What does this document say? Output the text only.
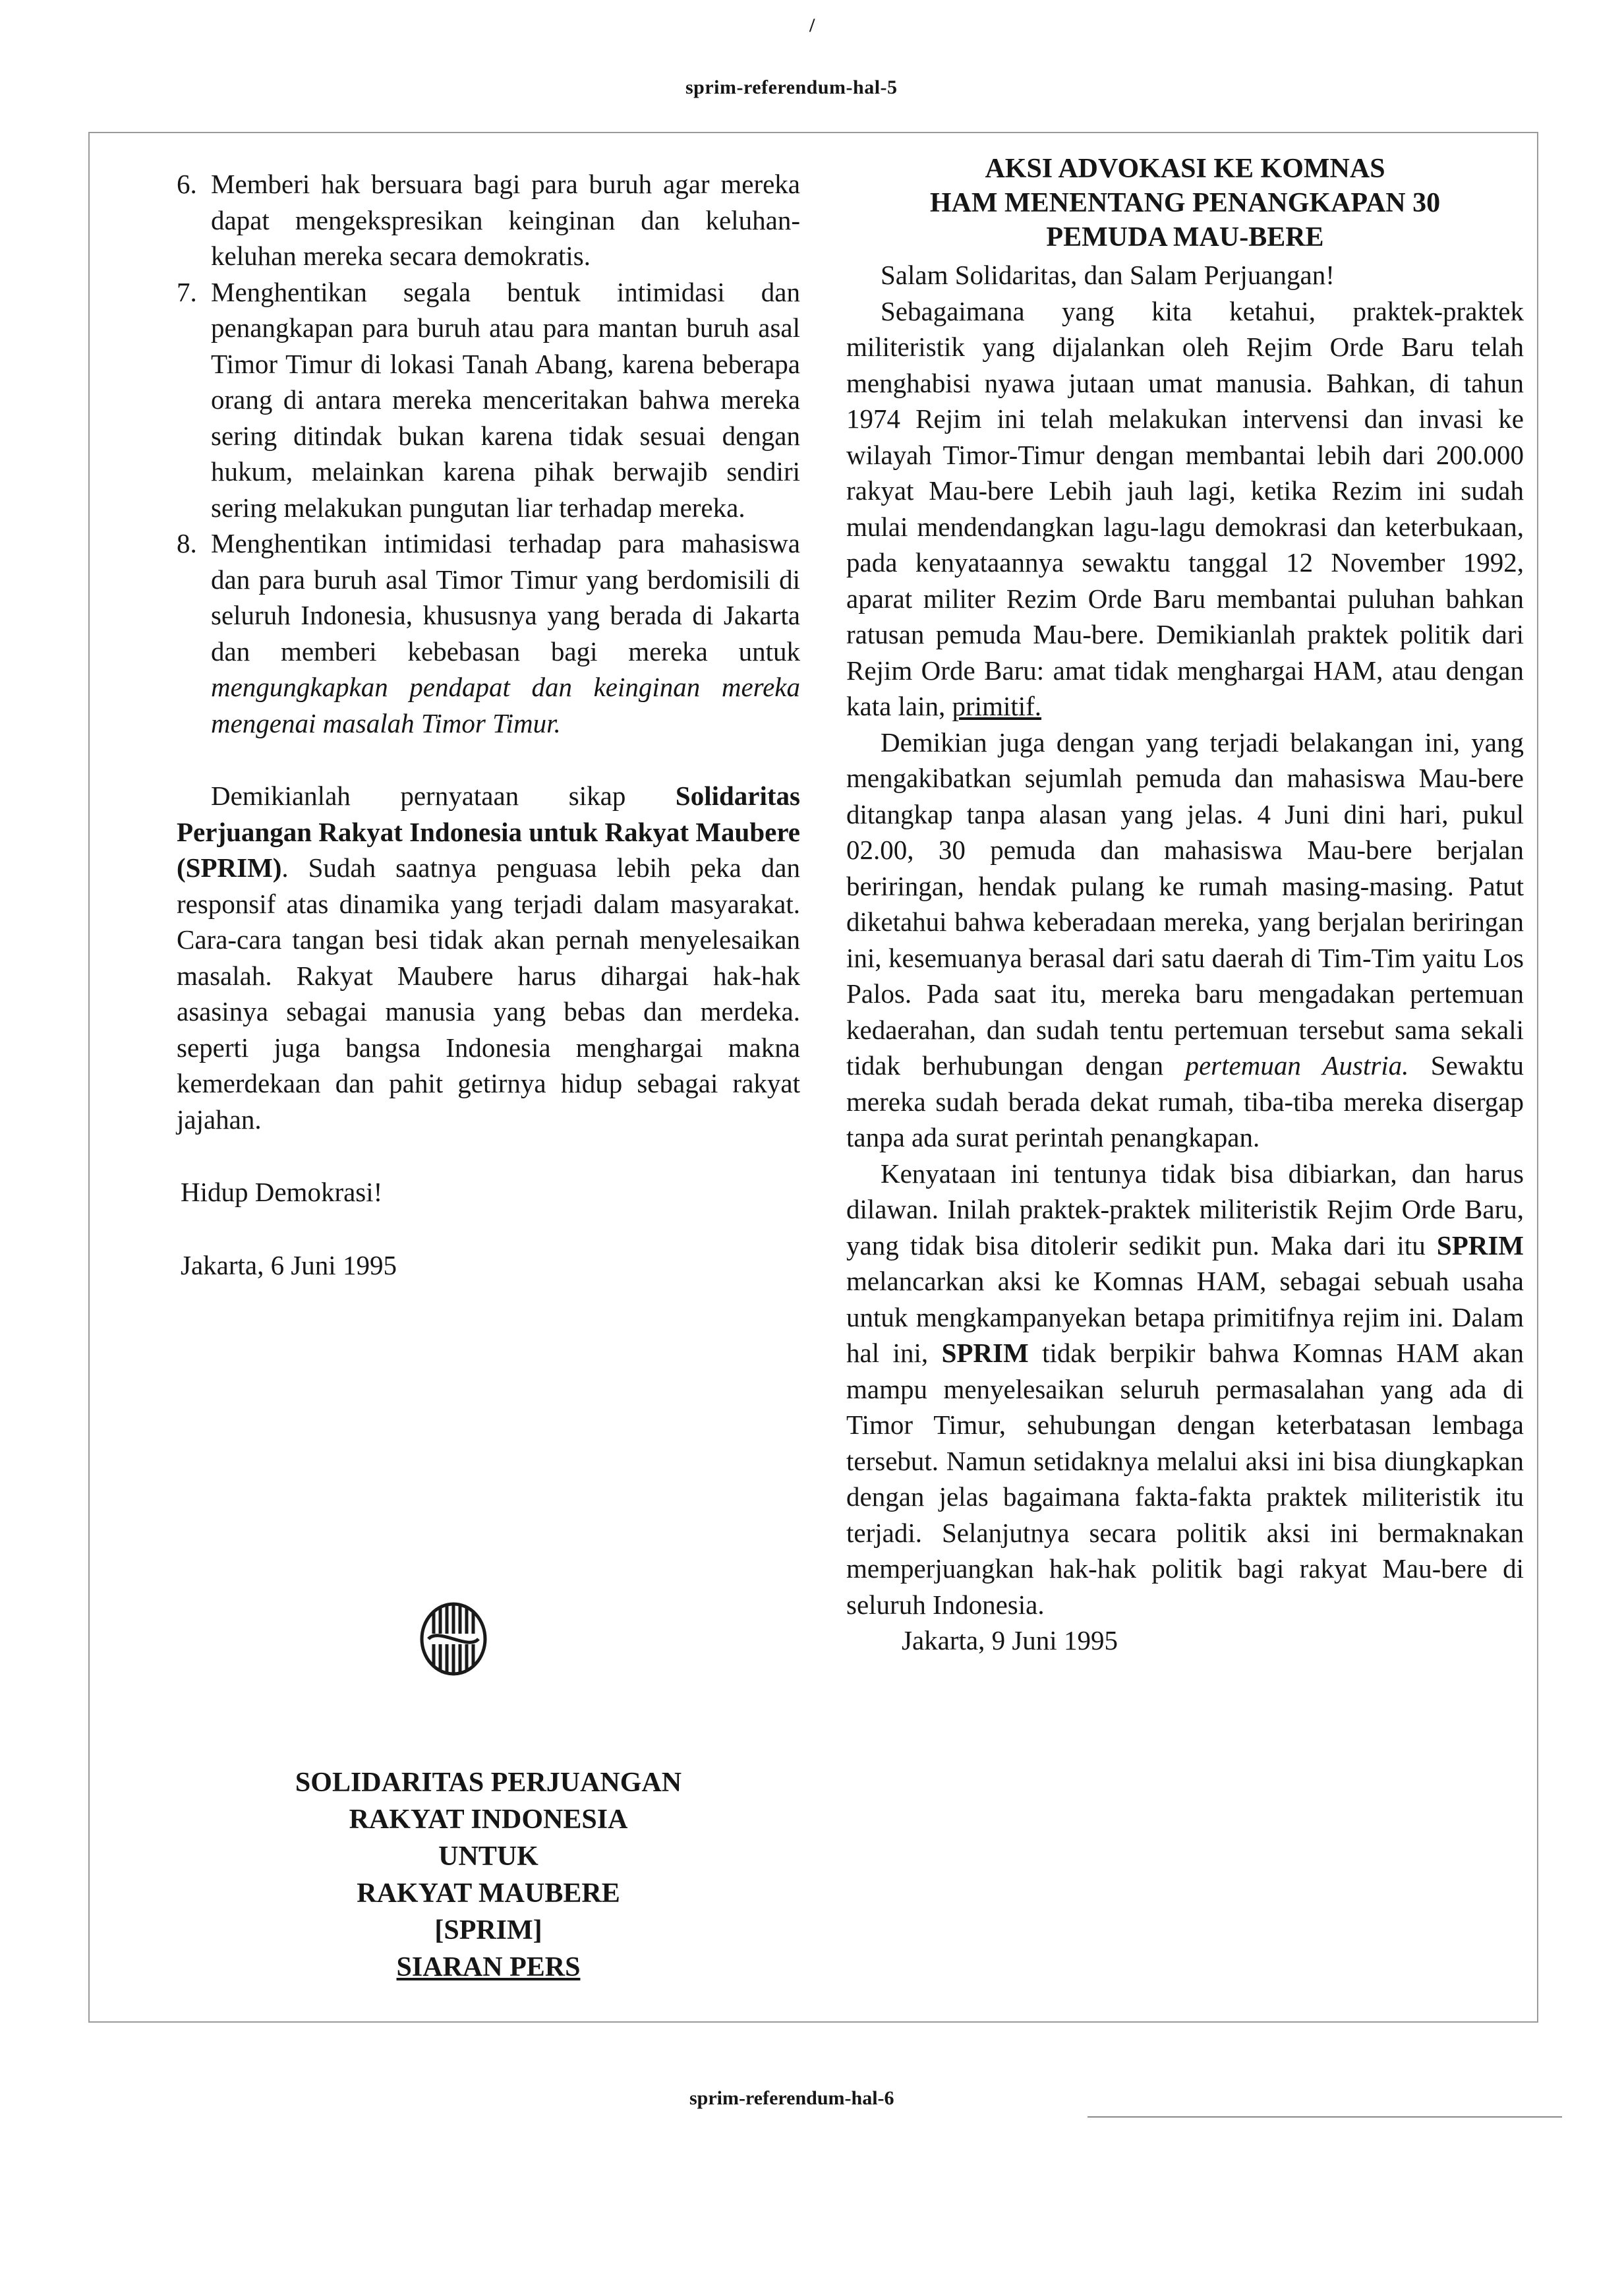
/
sprim-referendum-hal-5

6. Memberi hak bersuara bagi para buruh agar mereka dapat mengekspresikan keinginan dan keluhan-keluhan mereka secara demokratis.

7. Menghentikan segala bentuk intimidasi dan penangkapan para buruh atau para mantan buruh asal Timor Timur di lokasi Tanah Abang, karena beberapa orang di antara mereka menceritakan bahwa mereka sering ditindak bukan karena tidak sesuai dengan hukum, melainkan karena pihak berwajib sendiri sering melakukan pungutan liar terhadap mereka.

8. Menghentikan intimidasi terhadap para mahasiswa dan para buruh asal Timor Timur yang berdomisili di seluruh Indonesia, khususnya yang berada di Jakarta dan memberi kebebasan bagi mereka untuk mengungkapkan pendapat dan keinginan mereka mengenai masalah Timor Timur.

Demikianlah pernyataan sikap Solidaritas Perjuangan Rakyat Indonesia untuk Rakyat Maubere (SPRIM). Sudah saatnya penguasa lebih peka dan responsif atas dinamika yang terjadi dalam masyarakat. Cara-cara tangan besi tidak akan pernah menyelesaikan masalah. Rakyat Maubere harus dihargai hak-hak asasinya sebagai manusia yang bebas dan merdeka. seperti juga bangsa Indonesia menghargai makna kemerdekaan dan pahit getirnya hidup sebagai rakyat jajahan.

Hidup Demokrasi!
Jakarta, 6 Juni 1995
SOLIDARITAS PERJUANGAN
RAKYAT INDONESIA
UNTUK
RAKYAT MAUBERE
[SPRIM]
SIARAN PERS
AKSI ADVOKASI KE KOMNAS
HAM MENENTANG PENANGKAPAN 30
PEMUDA MAU-BERE

Salam Solidaritas, dan Salam Perjuangan!

Sebagaimana yang kita ketahui, praktek-praktek militeristik yang dijalankan oleh Rejim Orde Baru telah menghabisi nyawa jutaan umat manusia. Bahkan, di tahun 1974 Rejim ini telah melakukan intervensi dan invasi ke wilayah Timor-Timur dengan membantai lebih dari 200.000 rakyat Mau-bere Lebih jauh lagi, ketika Rezim ini sudah mulai mendendangkan lagu-lagu demokrasi dan keterbukaan, pada kenyataannya sewaktu tanggal 12 November 1992, aparat militer Rezim Orde Baru membantai puluhan bahkan ratusan pemuda Mau-bere. Demikianlah praktek politik dari Rejim Orde Baru: amat tidak menghargai HAM, atau dengan kata lain, primitif.

Demikian juga dengan yang terjadi belakangan ini, yang mengakibatkan sejumlah pemuda dan mahasiswa Mau-bere ditangkap tanpa alasan yang jelas. 4 Juni dini hari, pukul 02.00, 30 pemuda dan mahasiswa Mau-bere berjalan beriringan, hendak pulang ke rumah masing-masing. Patut diketahui bahwa keberadaan mereka, yang berjalan beriringan ini, kesemuanya berasal dari satu daerah di Tim-Tim yaitu Los Palos. Pada saat itu, mereka baru mengadakan pertemuan kedaerahan, dan sudah tentu pertemuan tersebut sama sekali tidak berhubungan dengan pertemuan Austria. Sewaktu mereka sudah berada dekat rumah, tiba-tiba mereka disergap tanpa ada surat perintah penangkapan.

Kenyataan ini tentunya tidak bisa dibiarkan, dan harus dilawan. Inilah praktek-praktek militeristik Rejim Orde Baru, yang tidak bisa ditolerir sedikit pun. Maka dari itu SPRIM melancarkan aksi ke Komnas HAM, sebagai sebuah usaha untuk mengkampanyekan betapa primitifnya rejim ini. Dalam hal ini, SPRIM tidak berpikir bahwa Komnas HAM akan mampu menyelesaikan seluruh permasalahan yang ada di Timor Timur, sehubungan dengan keterbatasan lembaga tersebut. Namun setidaknya melalui aksi ini bisa diungkapkan dengan jelas bagaimana fakta-fakta praktek militeristik itu terjadi. Selanjutnya secara politik aksi ini bermaknakan memperjuangkan hak-hak politik bagi rakyat Mau-bere di seluruh Indonesia.

Jakarta, 9 Juni 1995

sprim-referendum-hal-6
